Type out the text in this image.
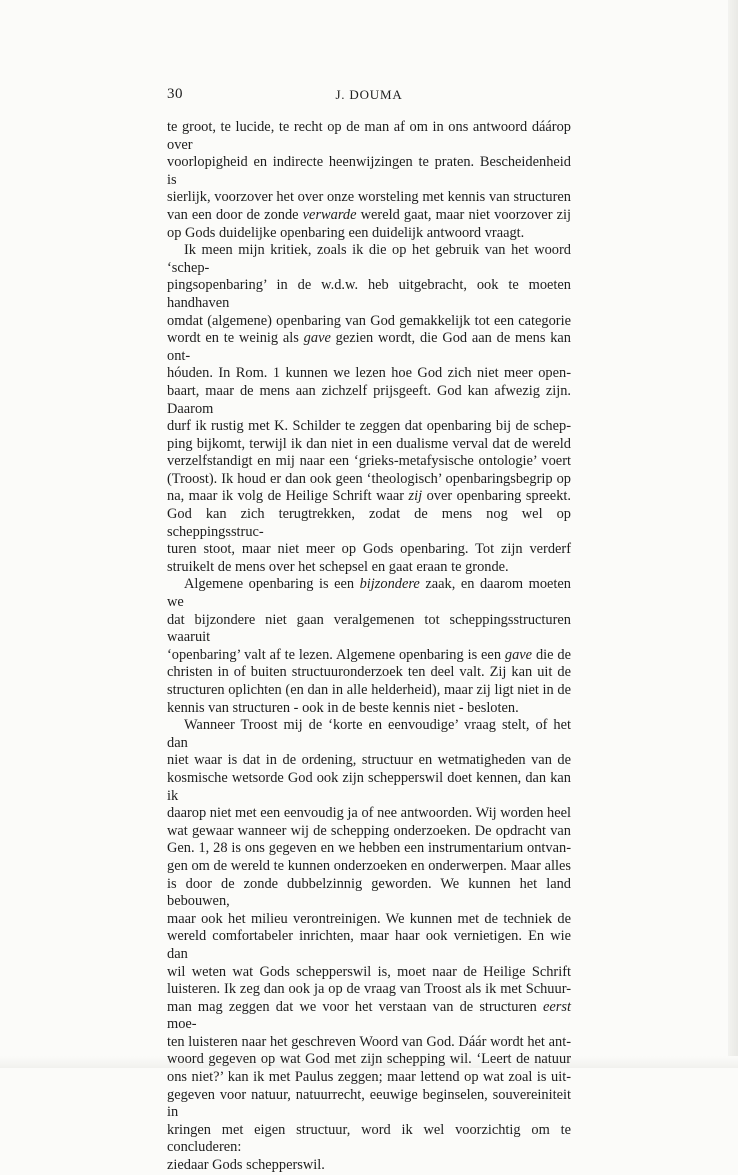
30	J. DOUMA

te groot, te lucide, te recht op de man af om in ons antwoord dáárop over

voorlopigheid en indirecte heenwijzingen te praten. Bescheidenheid is

sierlijk, voorzover het over onze worsteling met kennis van structuren

van een door de zonde verwarde wereld gaat, maar niet voorzover zij

op Gods duidelijke openbaring een duidelijk antwoord vraagt.

Ik meen mijn kritiek, zoals ik die op het gebruik van het woord ‘schep-

pingsopenbaring’ in de w.d.w. heb uitgebracht, ook te moeten handhaven

omdat (algemene) openbaring van God gemakkelijk tot een categorie

wordt en te weinig als gave gezien wordt, die God aan de mens kan ont-

hóuden. In Rom. 1 kunnen we lezen hoe God zich niet meer open-

baart, maar de mens aan zichzelf prijsgeeft. God kan afwezig zijn. Daarom

durf ik rustig met K. Schilder te zeggen dat openbaring bij de schep-

ping bijkomt, terwijl ik dan niet in een dualisme verval dat de wereld

verzelfstandigt en mij naar een ‘grieks-metafysische ontologie’ voert

(Troost). Ik houd er dan ook geen ‘theologisch’ openbaringsbegrip op

na, maar ik volg de Heilige Schrift waar zij over openbaring spreekt.

God kan zich terugtrekken, zodat de mens nog wel op scheppingsstruc-

turen stoot, maar niet meer op Gods openbaring. Tot zijn verderf

struikelt de mens over het schepsel en gaat eraan te gronde.

Algemene openbaring is een bijzondere zaak, en daarom moeten we

dat bijzondere niet gaan veralgemenen tot scheppingsstructuren waaruit

‘openbaring’ valt af te lezen. Algemene openbaring is een gave die de

christen in of buiten structuuronderzoek ten deel valt. Zij kan uit de

structuren oplichten (en dan in alle helderheid), maar zij ligt niet in de

kennis van structuren - ook in de beste kennis niet - besloten.

Wanneer Troost mij de ‘korte en eenvoudige’ vraag stelt, of het dan

niet waar is dat in de ordening, structuur en wetmatigheden van de

kosmische wetsorde God ook zijn schepperswil doet kennen, dan kan ik

daarop niet met een eenvoudig ja of nee antwoorden. Wij worden heel

wat gewaar wanneer wij de schepping onderzoeken. De opdracht van

Gen. 1, 28 is ons gegeven en we hebben een instrumentarium ontvan-

gen om de wereld te kunnen onderzoeken en onderwerpen. Maar alles

is door de zonde dubbelzinnig geworden. We kunnen het land bebouwen,

maar ook het milieu verontreinigen. We kunnen met de techniek de

wereld comfortabeler inrichten, maar haar ook vernietigen. En wie dan

wil weten wat Gods schepperswil is, moet naar de Heilige Schrift

luisteren. Ik zeg dan ook ja op de vraag van Troost als ik met Schuur-

man mag zeggen dat we voor het verstaan van de structuren eerst moe-

ten luisteren naar het geschreven Woord van God. Dáár wordt het ant-

woord gegeven op wat God met zijn schepping wil. ‘Leert de natuur

ons niet?’ kan ik met Paulus zeggen; maar lettend op wat zoal is uit-

gegeven voor natuur, natuurrecht, eeuwige beginselen, souvereiniteit in

kringen met eigen structuur, word ik wel voorzichtig om te concluderen:

ziedaar Gods schepperswil.
